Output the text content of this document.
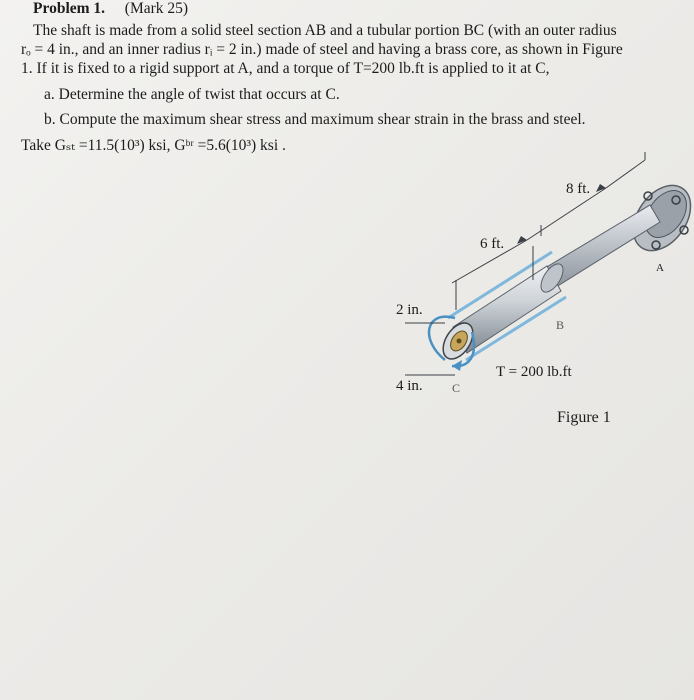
Problem 1. (Mark 25)
The shaft is made from a solid steel section AB and a tubular portion BC (with an outer radius
rₒ = 4 in., and an inner radius rᵢ = 2 in.) made of steel and having a brass core, as shown in Figure
1. If it is fixed to a rigid support at A, and a torque of T=200 lb.ft is applied to it at C,
a. Determine the angle of twist that occurs at C.
b. Compute the maximum shear stress and maximum shear strain in the brass and steel.
Take Gₛₜ =11.5(10³) ksi, Gᵇʳ =5.6(10³) ksi .
8 ft.
6 ft.
2 in.
4 in.
A
B
C
T = 200 lb.ft
Figure 1
